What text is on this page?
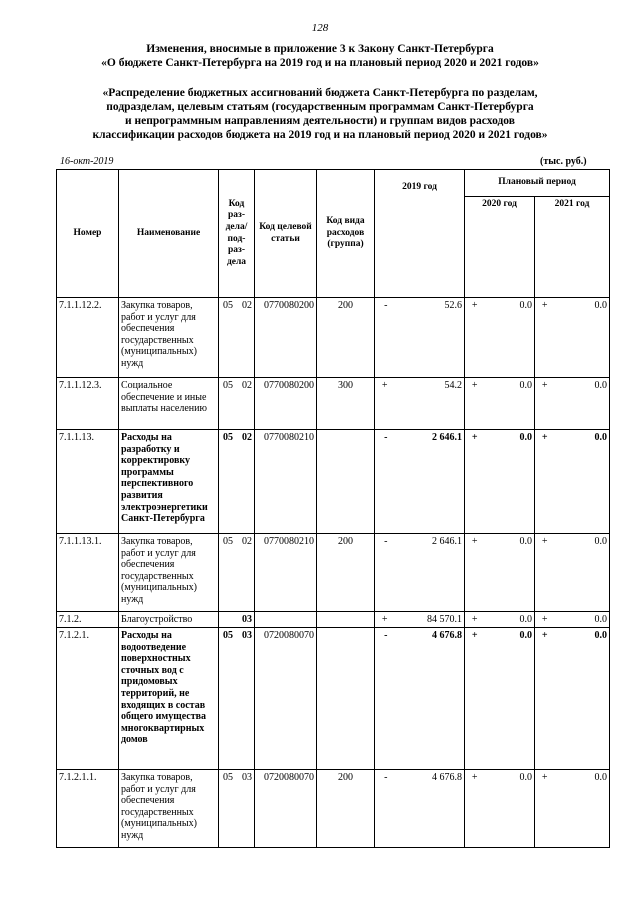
128
Изменения, вносимые в приложение 3 к Закону Санкт-Петербурга
«О бюджете Санкт-Петербурга на 2019 год и на плановый период 2020 и 2021 годов»
«Распределение бюджетных ассигнований бюджета Санкт-Петербурга по разделам,
подразделам, целевым статьям (государственным программам Санкт-Петербурга
и непрограммным направлениям деятельности) и группам видов расходов
классификации расходов бюджета на 2019 год и на плановый период 2020 и 2021 годов»
16-окт-2019	(тыс. руб.)
Номер	Наименование	Код раз-дела/ под-раз-дела		Код целевой статьи	Код вида расходов (группа)	2019 год		Плановый период			
								2020 год		2021 год	
7.1.1.12.2.	Закупка товаров, работ и услуг для обеспечения государственных (муниципальных) нужд	05	02	0770080200	200	-	52.6	+	0.0	+	0.0
7.1.1.12.3.	Социальное обеспечение и иные выплаты населению	05	02	0770080200	300	+	54.2	+	0.0	+	0.0
7.1.1.13.	Расходы на разработку и корректировку программы перспективного развития электроэнергетики Санкт-Петербурга	05	02	0770080210		-	2 646.1	+	0.0	+	0.0
7.1.1.13.1.	Закупка товаров, работ и услуг для обеспечения государственных (муниципальных) нужд	05	02	0770080210	200	-	2 646.1	+	0.0	+	0.0
7.1.2.	Благоустройство		03			+	84 570.1	+	0.0	+	0.0
7.1.2.1.	Расходы на водоотведение поверхностных сточных вод с придомовых территорий, не входящих в состав общего имущества многоквартирных домов	05	03	0720080070		-	4 676.8	+	0.0	+	0.0
7.1.2.1.1.	Закупка товаров, работ и услуг для обеспечения государственных (муниципальных) нужд	05	03	0720080070	200	-	4 676.8	+	0.0	+	0.0
